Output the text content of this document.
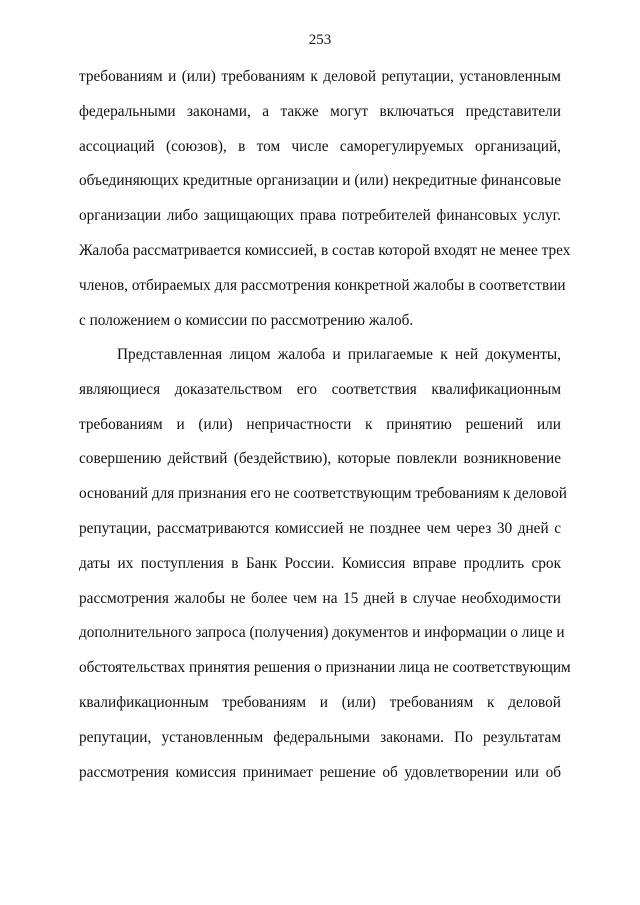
253
требованиям и (или) требованиям к деловой репутации, установленным
федеральными законами, а также могут включаться представители
ассоциаций (союзов), в том числе саморегулируемых организаций,
объединяющих кредитные организации и (или) некредитные финансовые
организации либо защищающих права потребителей финансовых услуг.
Жалоба рассматривается комиссией, в состав которой входят не менее трех
членов, отбираемых для рассмотрения конкретной жалобы в соответствии
с положением о комиссии по рассмотрению жалоб.
Представленная лицом жалоба и прилагаемые к ней документы,
являющиеся доказательством его соответствия квалификационным
требованиям и (или) непричастности к принятию решений или
совершению действий (бездействию), которые повлекли возникновение
оснований для признания его не соответствующим требованиям к деловой
репутации, рассматриваются комиссией не позднее чем через 30 дней с
даты их поступления в Банк России. Комиссия вправе продлить срок
рассмотрения жалобы не более чем на 15 дней в случае необходимости
дополнительного запроса (получения) документов и информации о лице и
обстоятельствах принятия решения о признании лица не соответствующим
квалификационным требованиям и (или) требованиям к деловой
репутации, установленным федеральными законами. По результатам
рассмотрения комиссия принимает решение об удовлетворении или об
